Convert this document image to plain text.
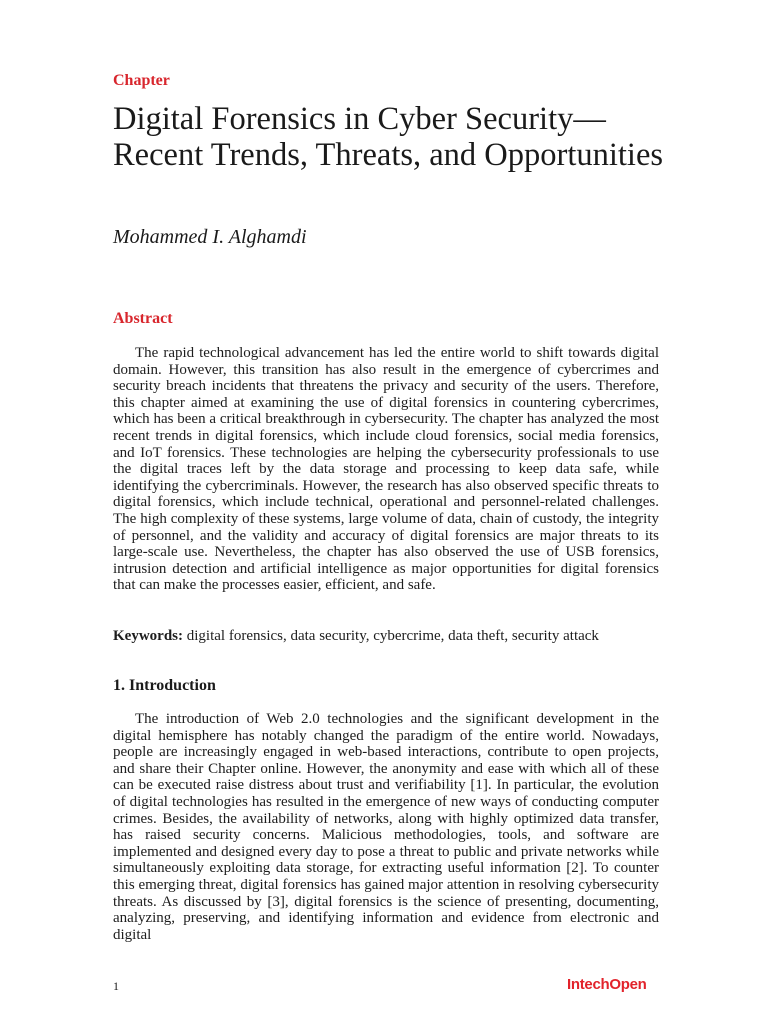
Chapter
Digital Forensics in Cyber Security—Recent Trends, Threats, and Opportunities
Mohammed I. Alghamdi
Abstract

The rapid technological advancement has led the entire world to shift towards digital domain. However, this transition has also result in the emergence of cybercrimes and security breach incidents that threatens the privacy and security of the users. Therefore, this chapter aimed at examining the use of digital forensics in countering cybercrimes, which has been a critical breakthrough in cybersecurity. The chapter has analyzed the most recent trends in digital forensics, which include cloud forensics, social media forensics, and IoT forensics. These technologies are helping the cybersecurity professionals to use the digital traces left by the data storage and processing to keep data safe, while identifying the cybercriminals. However, the research has also observed specific threats to digital forensics, which include technical, operational and personnel-related challenges. The high complexity of these systems, large volume of data, chain of custody, the integrity of personnel, and the validity and accuracy of digital forensics are major threats to its large-scale use. Nevertheless, the chapter has also observed the use of USB forensics, intrusion detection and artificial intelligence as major opportunities for digital forensics that can make the processes easier, efficient, and safe.

Keywords: digital forensics, data security, cybercrime, data theft, security attack

1. Introduction

The introduction of Web 2.0 technologies and the significant development in the digital hemisphere has notably changed the paradigm of the entire world. Nowadays, people are increasingly engaged in web-based interactions, contribute to open projects, and share their Chapter online. However, the anonymity and ease with which all of these can be executed raise distress about trust and verifiability [1]. In particular, the evolution of digital technologies has resulted in the emergence of new ways of conducting computer crimes. Besides, the availability of networks, along with highly optimized data transfer, has raised security concerns. Malicious methodologies, tools, and software are implemented and designed every day to pose a threat to public and private networks while simultaneously exploiting data storage, for extracting useful information [2]. To counter this emerging threat, digital forensics has gained major attention in resolving cybersecurity threats. As discussed by [3], digital forensics is the science of presenting, documenting, analyzing, preserving, and identifying information and evidence from electronic and digital

1	IntechOpen
